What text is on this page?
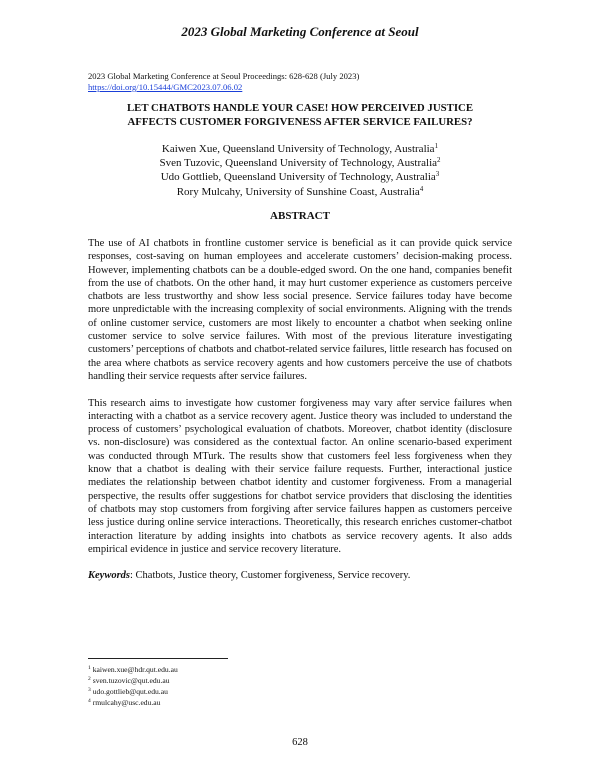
2023 Global Marketing Conference at Seoul
2023 Global Marketing Conference at Seoul Proceedings: 628-628 (July 2023)
https://doi.org/10.15444/GMC2023.07.06.02
LET CHATBOTS HANDLE YOUR CASE! HOW PERCEIVED JUSTICE
AFFECTS CUSTOMER FORGIVENESS AFTER SERVICE FAILURES?
Kaiwen Xue, Queensland University of Technology, Australia$^1$
Sven Tuzovic, Queensland University of Technology, Australia$^2$
Udo Gottlieb, Queensland University of Technology, Australia$^3$
Rory Mulcahy, University of Sunshine Coast, Australia$^4$
ABSTRACT

The use of AI chatbots in frontline customer service is beneficial as it can provide quick service responses, cost-saving on human employees and accelerate customers’ decision-making process. However, implementing chatbots can be a double-edged sword. On the one hand, companies benefit from the use of chatbots. On the other hand, it may hurt customer experience as customers perceive chatbots are less trustworthy and show less social presence. Service failures today have become more unpredictable with the increasing complexity of social environments. Aligning with the trends of online customer service, customers are most likely to encounter a chatbot when seeking online customer service to solve service failures. With most of the previous literature investigating customers’ perceptions of chatbots and chatbot-related service failures, little research has focused on the area where chatbots as service recovery agents and how customers perceive the use of chatbots handling their service requests after service failures.

This research aims to investigate how customer forgiveness may vary after service failures when interacting with a chatbot as a service recovery agent. Justice theory was included to understand the process of customers’ psychological evaluation of chatbots. Moreover, chatbot identity (disclosure vs. non-disclosure) was considered as the contextual factor. An online scenario-based experiment was conducted through MTurk. The results show that customers feel less forgiveness when they know that a chatbot is dealing with their service failure requests. Further, interactional justice mediates the relationship between chatbot identity and customer forgiveness. From a managerial perspective, the results offer suggestions for chatbot service providers that disclosing the identities of chatbots may stop customers from forgiving after service failures happen as customers perceive less justice during online service interactions. Theoretically, this research enriches customer-chatbot interaction literature by adding insights into chatbots as service recovery agents. It also adds empirical evidence in justice and service recovery literature.

Keywords: Chatbots, Justice theory, Customer forgiveness, Service recovery.

$^1$ kaiwen.xue@hdr.qut.edu.au
$^2$ sven.tuzovic@qut.edu.au
$^3$ udo.gottlieb@qut.edu.au
$^4$ rmulcahy@usc.edu.au
628
